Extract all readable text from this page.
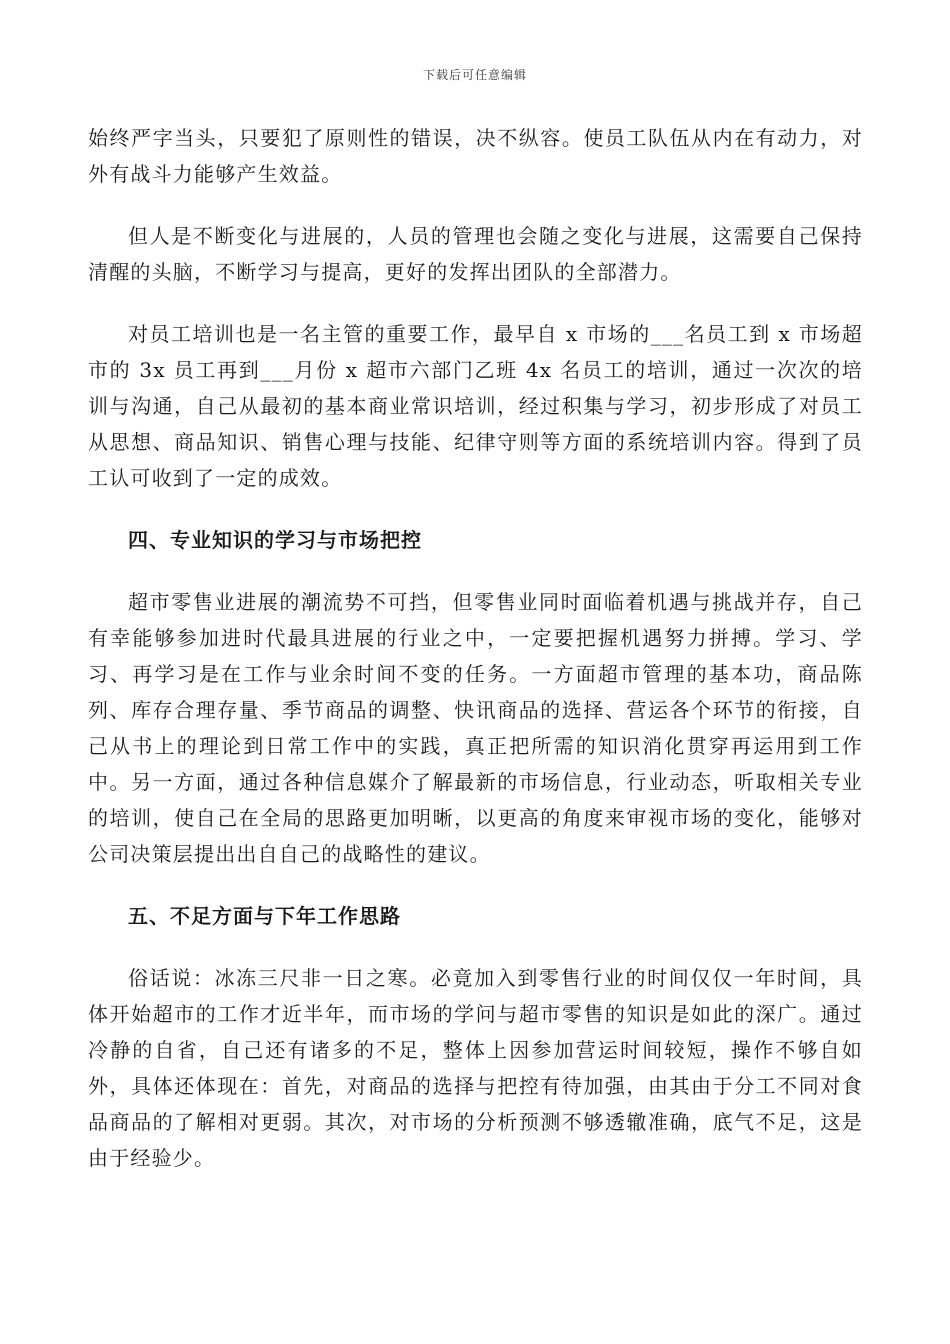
下载后可任意编辑

始终严字当头，只要犯了原则性的错误，决不纵容。使员工队伍从内在有动力，对外有战斗力能够产生效益。

但人是不断变化与进展的，人员的管理也会随之变化与进展，这需要自己保持清醒的头脑，不断学习与提高，更好的发挥出团队的全部潜力。

对员工培训也是一名主管的重要工作，最早自 x 市场的___名员工到 x 市场超市的 3x 员工再到___月份 x 超市六部门乙班 4x 名员工的培训，通过一次次的培训与沟通，自己从最初的基本商业常识培训，经过积集与学习，初步形成了对员工从思想、商品知识、销售心理与技能、纪律守则等方面的系统培训内容。得到了员工认可收到了一定的成效。

四、专业知识的学习与市场把控

超市零售业进展的潮流势不可挡，但零售业同时面临着机遇与挑战并存，自己有幸能够参加进时代最具进展的行业之中，一定要把握机遇努力拼搏。学习、学习、再学习是在工作与业余时间不变的任务。一方面超市管理的基本功，商品陈列、库存合理存量、季节商品的调整、快讯商品的选择、营运各个环节的衔接，自己从书上的理论到日常工作中的实践，真正把所需的知识消化贯穿再运用到工作中。另一方面，通过各种信息媒介了解最新的市场信息，行业动态，听取相关专业的培训，使自己在全局的思路更加明晰，以更高的角度来审视市场的变化，能够对公司决策层提出出自自己的战略性的建议。

五、不足方面与下年工作思路

俗话说：冰冻三尺非一日之寒。必竟加入到零售行业的时间仅仅一年时间，具体开始超市的工作才近半年，而市场的学问与超市零售的知识是如此的深广。通过冷静的自省，自己还有诸多的不足，整体上因参加营运时间较短，操作不够自如外，具体还体现在：首先，对商品的选择与把控有待加强，由其由于分工不同对食品商品的了解相对更弱。其次，对市场的分析预测不够透辙准确，底气不足，这是由于经验少。
